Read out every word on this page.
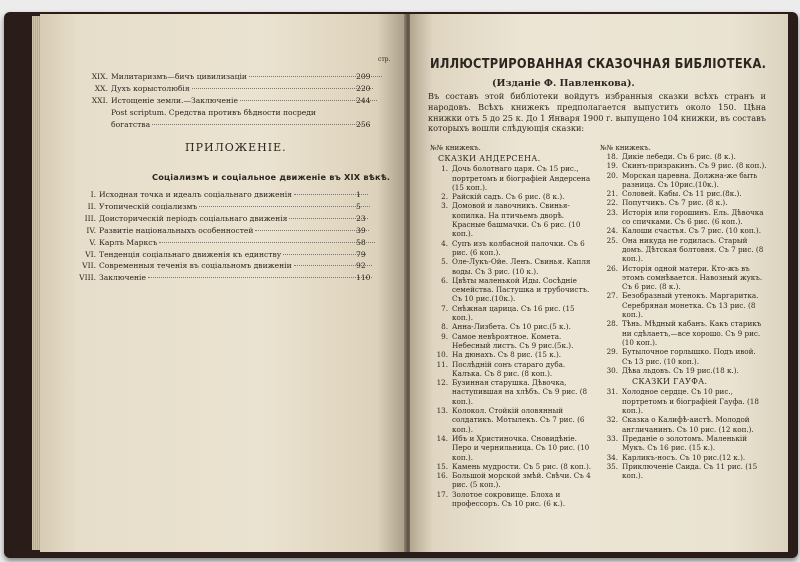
стр.
XIX. Милитаризмъ—бичъ цивилизаціи	209
XX. Духъ корыстолюбія	220
XXI. Истощеніе земли.—Заключеніе	244
Post scriptum. Средства противъ бѣдности посреди
богатства	256
ПРИЛОЖЕНІЕ.
Соціализмъ и соціальное движеніе въ XIX вѣкѣ.
I. Исходная точка и идеалъ соціальнаго движенія	1
II. Утопическій соціализмъ	5
III. Доисторическій періодъ соціальнаго движенія	23
IV. Развитіе національныхъ особенностей	39
V. Карлъ Марксъ	58
VI. Тенденція соціальнаго движенія къ единству	79
VII. Современныя теченія въ соціальномъ движеніи	92
VIII. Заключеніе	110
ИЛЛЮСТРИРОВАННАЯ СКАЗОЧНАЯ БИБЛІОТЕКА.
(Изданіе Ф. Павленкова).
Въ составъ этой библіотеки войдутъ избранныя сказки всѣхъ странъ и народовъ. Всѣхъ книжекъ предполагается выпустить около 150. Цѣна книжки отъ 5 до 25 к. До 1 Января 1900 г. выпущено 104 книжки, въ составъ которыхъ вошли слѣдующія сказки:
№№ книжекъ.
СКАЗКИ АНДЕРСЕНА.
1. Дочь болотнаго царя. Съ 15 рис., портретомъ и біографіей Андерсена (15 коп.).
2. Райскій садъ. Съ 6 рис. (8 к.).
3. Домовой и лавочникъ. Свинья-копилка. На птичьемъ дворѣ. Красные башмачки. Съ 6 рис. (10 коп.).
4. Супъ изъ колбасной палочки. Съ 6 рис. (6 коп.).
5. Оле-Лукъ-Ойе. Ленъ. Свинья. Капля воды. Съ 3 рис. (10 к.).
6. Цвѣты маленькой Иды. Сосѣдніе семейства. Пастушка и трубочистъ. Съ 10 рис.(10к.).
7. Снѣжная царица. Съ 16 рис. (15 коп.).
8. Анна-Лизбета. Съ 10 рис.(5 к.).
9. Самое невѣроятное. Комета. Небесный листъ. Съ 9 рис.(5к.).
10. На дюнахъ. Съ 8 рис. (15 к.).
11. Послѣдній сонъ стараго дуба. Калъка. Съ 8 рис. (8 коп.).
12. Бузинная старушка. Дѣвочка, наступившая на хлѣбъ. Съ 9 рис. (8 коп.).
13. Колокол. Стойкій оловянный солдатикъ. Мотылекъ. Съ 7 рис. (6 коп.).
14. Ибъ и Христиночка. Сновидѣніе. Перо и чернильница. Съ 10 рис. (10 коп.).
15. Камень мудрости. Съ 5 рис. (8 коп.).
16. Большой морской змѣй. Свѣчи. Съ 4 рис. (5 коп.).
17. Золотое сокровище. Блоха и профессоръ. Съ 10 рис. (6 к.).
№№ книжекъ.
18. Дикіе лебеди. Съ 6 рис. (8 к.).
19. Скинъ-призракинъ. Съ 9 рис. (8 коп.).
20. Морская царевна. Должна-же быть разница. Съ 10рис.(10к.).
21. Соловей. Кабы. Съ 11 рис.(8к.).
22. Попутчикъ. Съ 7 рис. (8 к.).
23. Исторія или горошинъ. Ель. Дѣвочка со спичками. Съ 6 рис. (6 коп.).
24. Калоши счастья. Съ 7 рис. (10 коп.).
25. Она никуда не годилась. Старый домъ. Дѣтская болтовня. Съ 7 рис. (8 коп.).
26. Исторія одной матери. Кто-жъ въ этомъ сомнѣвается. Навозный жукъ. Съ 6 рис. (8 к.).
27. Безобразный утенокъ. Маргаритка. Серебряная монетка. Съ 13 рис. (8 коп.).
28. Тѣнь. Мѣдный кабанъ. Какъ старикъ ни сдѣлаетъ,—все хорошо. Съ 9 рис. (10 коп.).
29. Бутылочное горлышко. Подъ ивой. Съ 13 рис. (10 коп.).
30. Дѣва льдовъ. Съ 19 рис.(18 к.).
СКАЗКИ ГАУФА.
31. Холодное сердце. Съ 10 рис., портретомъ и біографіей Гауфа. (18 коп.).
32. Сказка о Калифѣ-аистѣ. Молодой англичанинъ. Съ 10 рис. (12 коп.).
33. Преданіе о золотомъ. Маленькій Мукъ. Съ 16 рис. (15 к.).
34. Карликъ-носъ. Съ 10 рис.(12 к.).
35. Приключеніе Саида. Съ 11 рис. (15 коп.).
